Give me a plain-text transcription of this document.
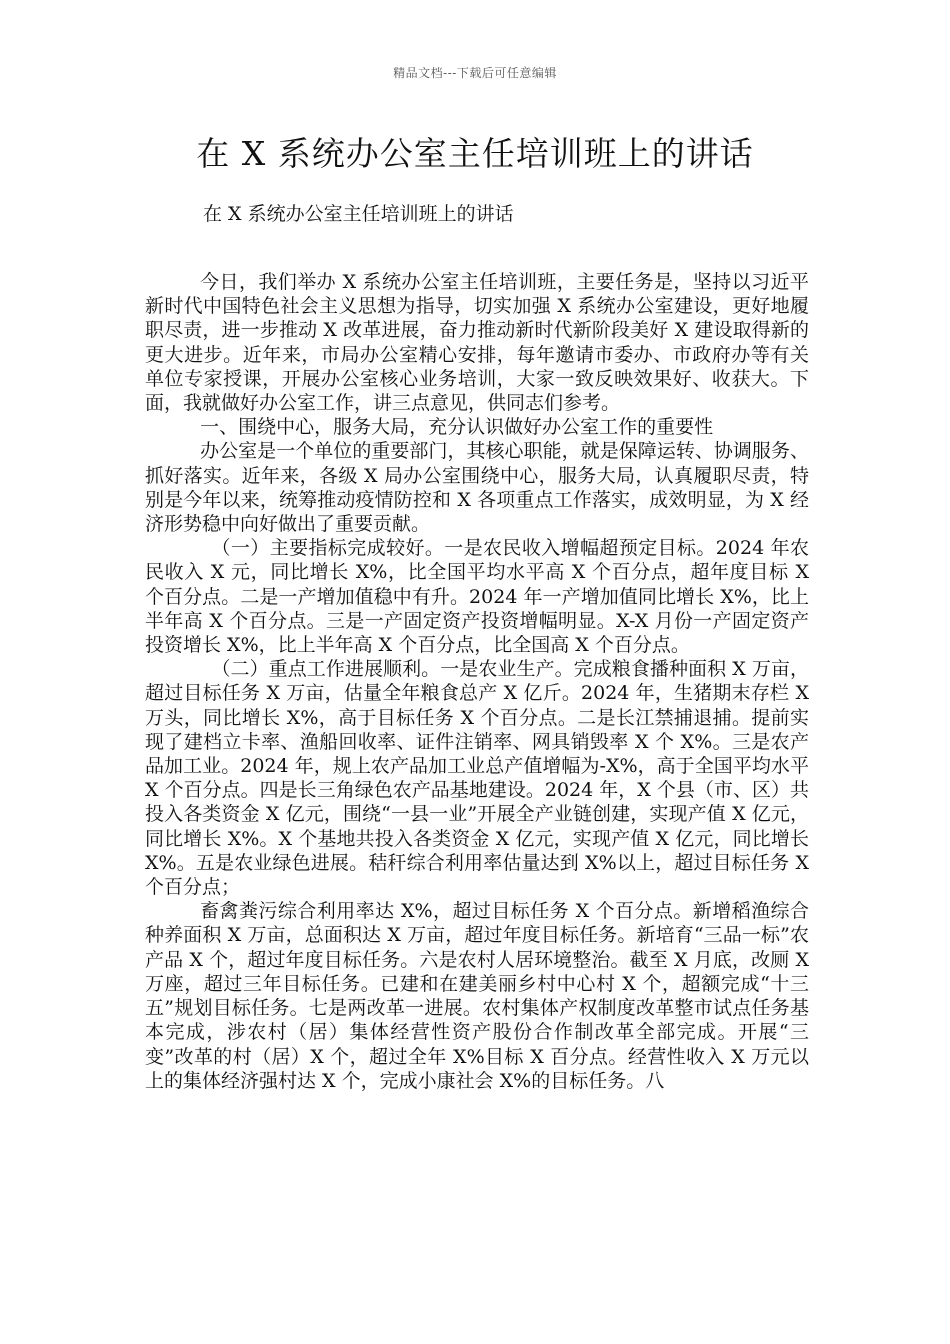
精品文档---下载后可任意编辑
在 X 系统办公室主任培训班上的讲话
在 X 系统办公室主任培训班上的讲话

今日，我们举办 X 系统办公室主任培训班，主要任务是，坚持以习近平新时代中国特色社会主义思想为指导，切实加强 X 系统办公室建设，更好地履职尽责，进一步推动 X 改革进展，奋力推动新时代新阶段美好 X 建设取得新的更大进步。近年来，市局办公室精心安排，每年邀请市委办、市政府办等有关单位专家授课，开展办公室核心业务培训，大家一致反映效果好、收获大。下面，我就做好办公室工作，讲三点意见，供同志们参考。

一、围绕中心，服务大局，充分认识做好办公室工作的重要性

办公室是一个单位的重要部门，其核心职能，就是保障运转、协调服务、抓好落实。近年来，各级 X 局办公室围绕中心，服务大局，认真履职尽责，特别是今年以来，统筹推动疫情防控和 X 各项重点工作落实，成效明显，为 X 经济形势稳中向好做出了重要贡献。

（一）主要指标完成较好。一是农民收入增幅超预定目标。2024 年农民收入 X 元，同比增长 X%，比全国平均水平高 X 个百分点，超年度目标 X 个百分点。二是一产增加值稳中有升。2024 年一产增加值同比增长 X%，比上半年高 X 个百分点。三是一产固定资产投资增幅明显。X-X 月份一产固定资产投资增长 X%，比上半年高 X 个百分点，比全国高 X 个百分点。

（二）重点工作进展顺利。一是农业生产。完成粮食播种面积 X 万亩，超过目标任务 X 万亩，估量全年粮食总产 X 亿斤。2024 年，生猪期末存栏 X 万头，同比增长 X%，高于目标任务 X 个百分点。二是长江禁捕退捕。提前实现了建档立卡率、渔船回收率、证件注销率、网具销毁率 X 个 X%。三是农产品加工业。2024 年，规上农产品加工业总产值增幅为-X%，高于全国平均水平 X 个百分点。四是长三角绿色农产品基地建设。2024 年，X 个县（市、区）共投入各类资金 X 亿元，围绕“一县一业”开展全产业链创建，实现产值 X 亿元，同比增长 X%。X 个基地共投入各类资金 X 亿元，实现产值 X 亿元，同比增长 X%。五是农业绿色进展。秸秆综合利用率估量达到 X%以上，超过目标任务 X 个百分点；

畜禽粪污综合利用率达 X%，超过目标任务 X 个百分点。新增稻渔综合种养面积 X 万亩，总面积达 X 万亩，超过年度目标任务。新培育“三品一标”农产品 X 个，超过年度目标任务。六是农村人居环境整治。截至 X 月底，改厕 X 万座，超过三年目标任务。已建和在建美丽乡村中心村 X 个，超额完成“十三五”规划目标任务。七是两改革一进展。农村集体产权制度改革整市试点任务基本完成，涉农村（居）集体经营性资产股份合作制改革全部完成。开展“三变”改革的村（居）X 个，超过全年 X%目标 X 百分点。经营性收入 X 万元以上的集体经济强村达 X 个，完成小康社会 X%的目标任务。八
